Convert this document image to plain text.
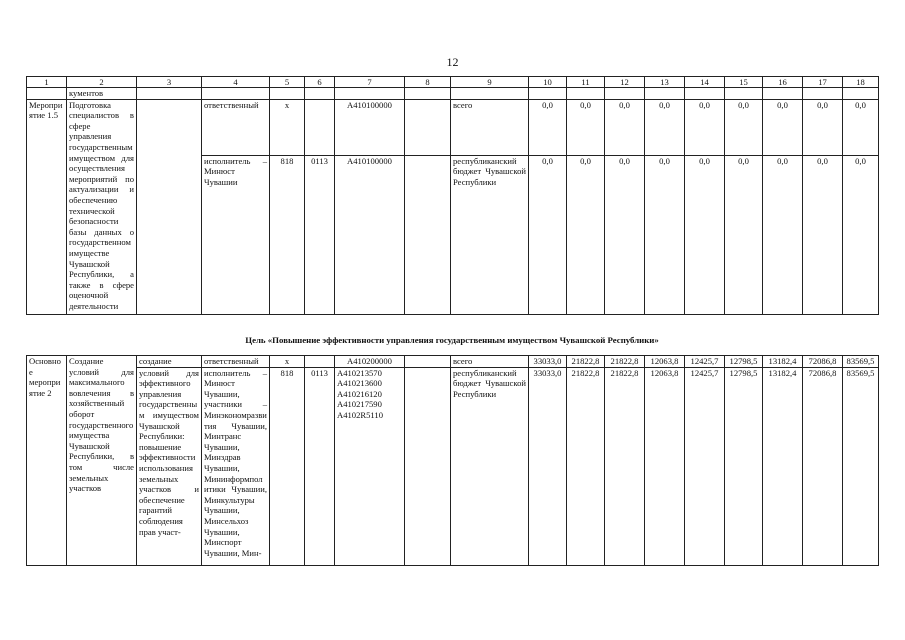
12
1	2	3	4	5	6	7	8	9	10	11	12	13	14	15	16	17	18
	кументов																
Мероприятие 1.5	Подготовка специалистов в сфере управления государственным имуществом для осуществления мероприятий по актуализации и обеспечению технической безопасности базы данных о государственном имуществе Чувашской Республики, а также в сфере оценочной деятельности		ответственный	x		А410100000		всего	0,0	0,0	0,0	0,0	0,0	0,0	0,0	0,0	0,0
			исполнитель – Минюст Чувашии	818	0113	А410100000		республиканский бюджет Чувашской Республики	0,0	0,0	0,0	0,0	0,0	0,0	0,0	0,0	0,0
Цель «Повышение эффективности управления государственным имуществом Чувашской Республики»
Основное мероприятие 2	Создание условий для максимального вовлечения в хозяйственный оборот государственного имущества Чувашской Республики, в том числе земельных участков	создание	ответственный	x		А410200000		всего	33033,0	21822,8	21822,8	12063,8	12425,7	12798,5	13182,4	72086,8	83569,5
		условий для эффективного управления государственным имуществом Чувашской Республики: повышение эффективности использования земельных участков и обеспечение гарантий соблюдения прав участ-	исполнитель – Минюст Чувашии, участники – Минэкономразвития Чувашии, Минтранс Чувашии, Минздрав Чувашии, Мининформполитики Чувашии, Минкультуры Чувашии, Минсельхоз Чувашии, Минспорт Чувашии, Мин-	818	0113	А410213570
А410213600
А410216120
А410217590
А4102R5110		республиканский бюджет Чувашской Республики	33033,0	21822,8	21822,8	12063,8	12425,7	12798,5	13182,4	72086,8	83569,5
